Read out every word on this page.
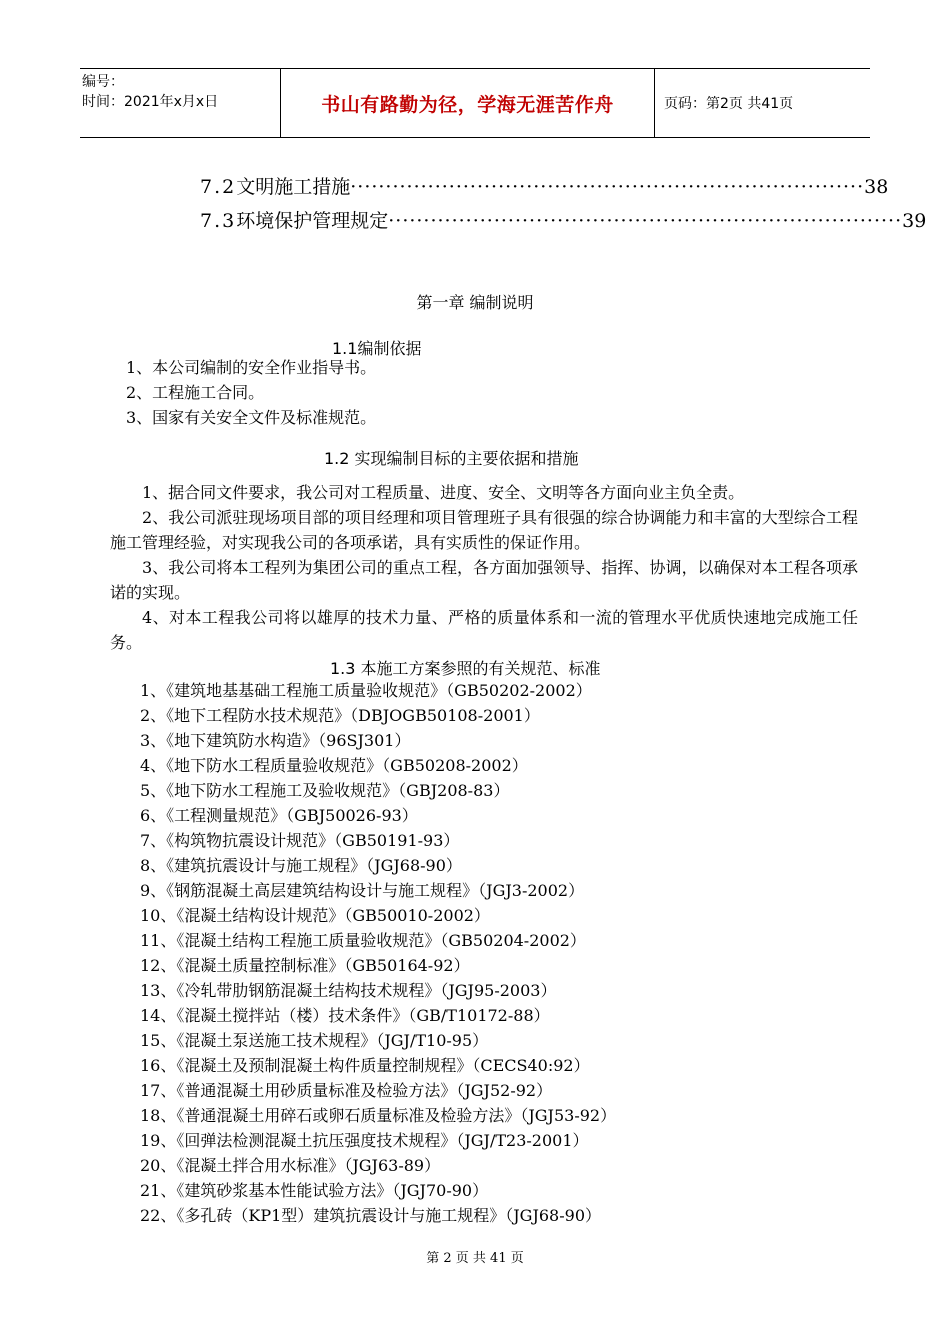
编号：
时间：2021年x月x日	书山有路勤为径，学海无涯苦作舟	页码：第2页 共41页
7.2 文明施工措施 ········································································· 38
7.3 环境保护管理规定 ········································································· 39
第一章 编制说明
1.1编制依据
1、本公司编制的安全作业指导书。
2、工程施工合同。
3、国家有关安全文件及标准规范。
1.2 实现编制目标的主要依据和措施
1、据合同文件要求，我公司对工程质量、进度、安全、文明等各方面向业主负全责。
2、我公司派驻现场项目部的项目经理和项目管理班子具有很强的综合协调能力和丰富的大型综合工程施工管理经验，对实现我公司的各项承诺，具有实质性的保证作用。
3、我公司将本工程列为集团公司的重点工程，各方面加强领导、指挥、协调，以确保对本工程各项承诺的实现。
4、对本工程我公司将以雄厚的技术力量、严格的质量体系和一流的管理水平优质快速地完成施工任务。
1.3 本施工方案参照的有关规范、标准
1、《建筑地基基础工程施工质量验收规范》（GB50202-2002）
2、《地下工程防水技术规范》（DBJOGB50108-2001）
3、《地下建筑防水构造》（96SJ301）
4、《地下防水工程质量验收规范》（GB50208-2002）
5、《地下防水工程施工及验收规范》（GBJ208-83）
6、《工程测量规范》（GBJ50026-93）
7、《构筑物抗震设计规范》（GB50191-93）
8、《建筑抗震设计与施工规程》（JGJ68-90）
9、《钢筋混凝土高层建筑结构设计与施工规程》（JGJ3-2002）
10、《混凝土结构设计规范》（GB50010-2002）
11、《混凝土结构工程施工质量验收规范》（GB50204-2002）
12、《混凝土质量控制标准》（GB50164-92）
13、《冷轧带肋钢筋混凝土结构技术规程》（JGJ95-2003）
14、《混凝土搅拌站（楼）技术条件》（GB/T10172-88）
15、《混凝土泵送施工技术规程》（JGJ/T10-95）
16、《混凝土及预制混凝土构件质量控制规程》（CECS40:92）
17、《普通混凝土用砂质量标准及检验方法》（JGJ52-92）
18、《普通混凝土用碎石或卵石质量标准及检验方法》（JGJ53-92）
19、《回弹法检测混凝土抗压强度技术规程》（JGJ/T23-2001）
20、《混凝土拌合用水标准》（JGJ63-89）
21、《建筑砂浆基本性能试验方法》（JGJ70-90）
22、《多孔砖（KP1型）建筑抗震设计与施工规程》（JGJ68-90）
第 2 页 共 41 页
